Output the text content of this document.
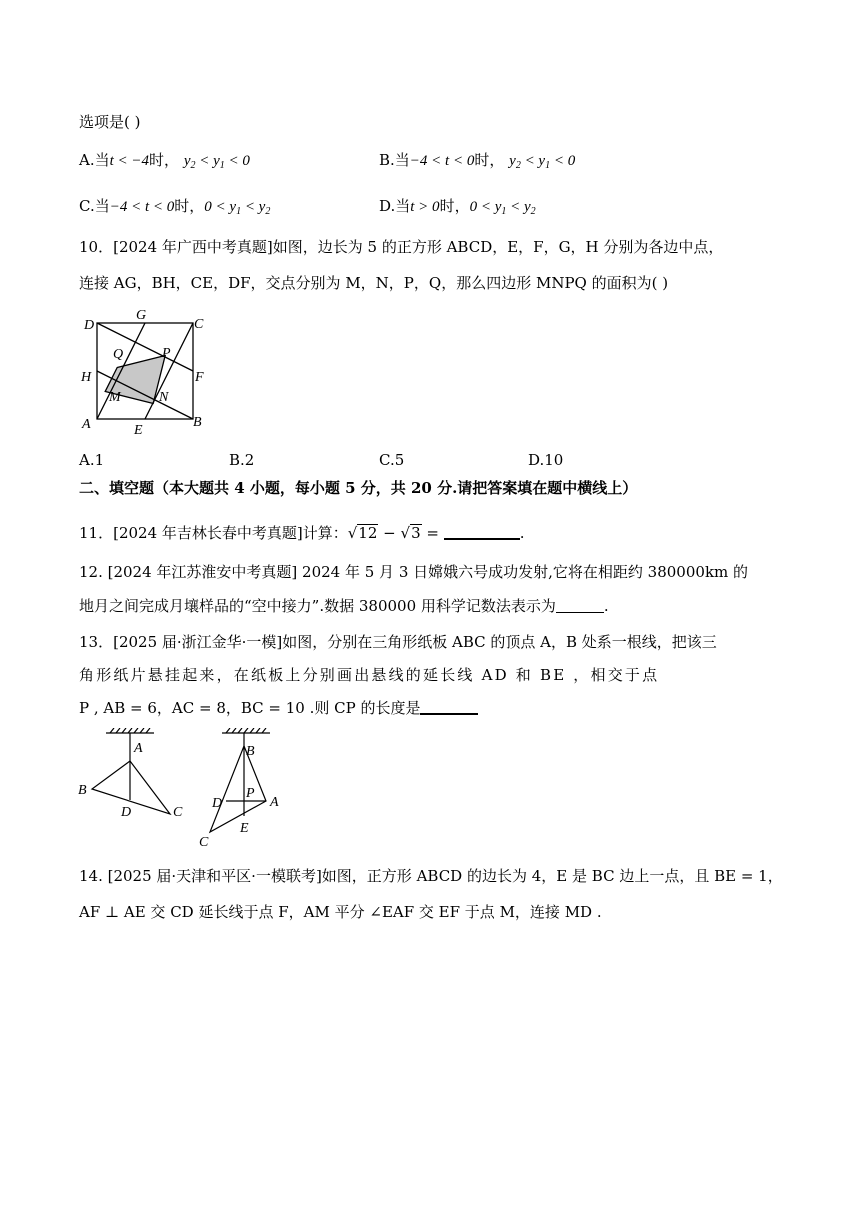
选项是( )
A.当t < −4时， $y_2 < y_1 < 0$	B.当−4 < t < 0时， $y_2 < y_1 < 0$
C.当−4 < t < 0时，$0 < y_1 < y_2$	D.当t > 0时，$0 < y_1 < y_2$
10．[2024 年广西中考真题]如图，边长为 5 的正方形 ABCD，E，F，G，H 分别为各边中点，
连接 AG，BH，CE，DF，交点分别为 M，N，P，Q，那么四边形 MNPQ 的面积为( )
D
G
C
H	F
Q	P
M	N
A	E
B
A.1	B.2	C.5	D.10
二、填空题（本大题共 4 小题，每小题 5 分，共 20 分.请把答案填在题中横线上）
11．[2024 年吉林长春中考真题]计算：√12 − √3 =	.
12. [2024 年江苏淮安中考真题] 2024 年 5 月 3 日嫦娥六号成功发射,它将在相距约 380000km 的
地月之间完成月壤样品的“空中接力”.数据 380000 用科学记数法表示为	.
13．[2025 届·浙江金华·一模]如图，分别在三角形纸板 ABC 的顶点 A，B 处系一根线，把该三
角形纸片悬挂起来，在纸板上分别画出悬线的延长线 AD 和 BE ，相交于点
P , AB = 6，AC = 8，BC = 10 .则 CP 的长度是
A
B
D	C
B
P
D	A
E
C
14. [2025 届·天津和平区·一模联考]如图，正方形 ABCD 的边长为 4，E 是 BC 边上一点，且 BE = 1，
AF ⊥ AE 交 CD 延长线于点 F，AM 平分 ∠EAF 交 EF 于点 M，连接 MD .
